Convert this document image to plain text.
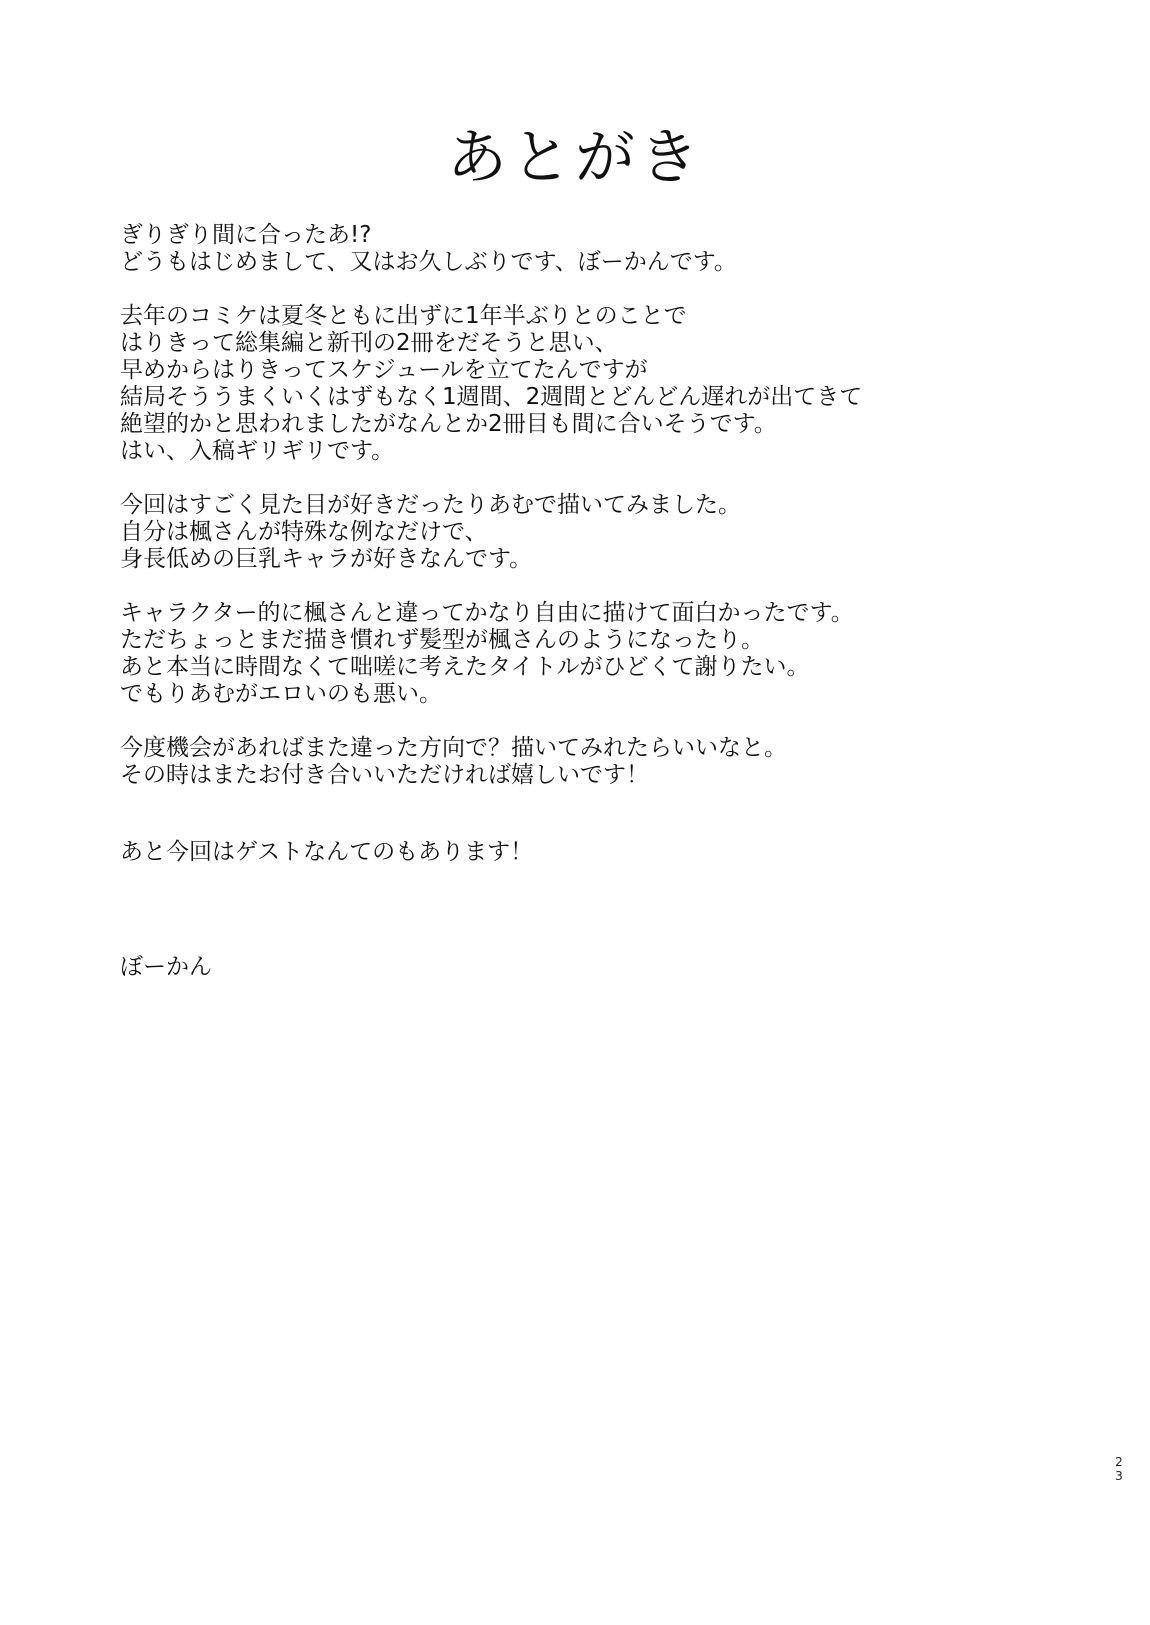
あとがき
ぎりぎり間に合ったあ!?
どうもはじめまして、又はお久しぶりです、ぼーかんです。
去年のコミケは夏冬ともに出ずに1年半ぶりとのことで
はりきって総集編と新刊の2冊をだそうと思い、
早めからはりきってスケジュールを立てたんですが
結局そううまくいくはずもなく1週間、2週間とどんどん遅れが出てきて
絶望的かと思われましたがなんとか2冊目も間に合いそうです。
はい、入稿ギリギリです。
今回はすごく見た目が好きだったりあむで描いてみました。
自分は楓さんが特殊な例なだけで、
身長低めの巨乳キャラが好きなんです。
キャラクター的に楓さんと違ってかなり自由に描けて面白かったです。
ただちょっとまだ描き慣れず髪型が楓さんのようになったり。
あと本当に時間なくて咄嗟に考えたタイトルがひどくて謝りたい。
でもりあむがエロいのも悪い。
今度機会があればまた違った方向で？描いてみれたらいいなと。
その時はまたお付き合いいただければ嬉しいです！
あと今回はゲストなんてのもあります！
ぼーかん
2
3
